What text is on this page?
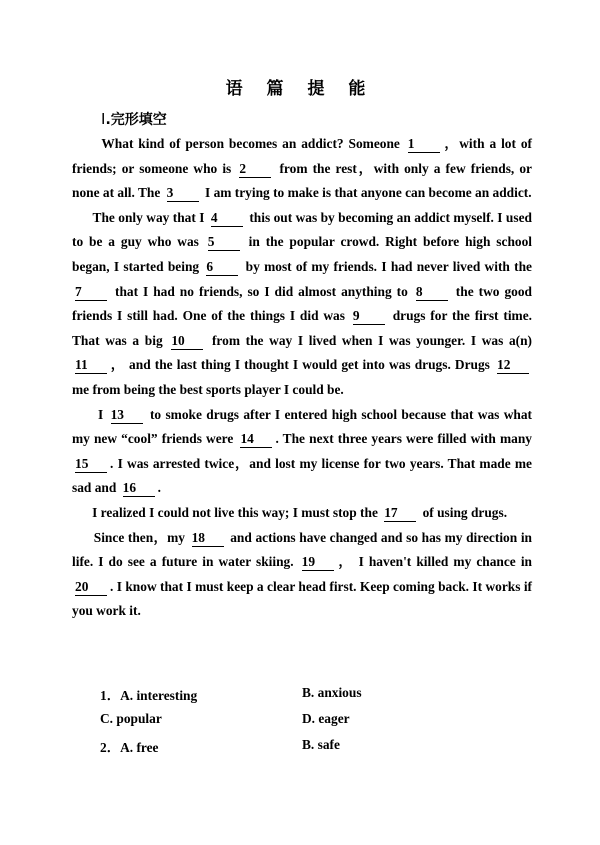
语 篇 提 能
Ⅰ.完形填空

What kind of person becomes an addict? Someone 1 ，with a lot of friends; or someone who is 2 from the rest，with only a few friends, or none at all. The 3 I am trying to make is that anyone can become an addict.

The only way that I 4 this out was by becoming an addict myself. I used to be a guy who was 5 in the popular crowd. Right before high school began, I started being 6 by most of my friends. I had never lived with the 7 that I had no friends, so I did almost anything to 8 the two good friends I still had. One of the things I did was 9 drugs for the first time. That was a big 10 from the way I lived when I was younger. I was a(n) 11 ， and the last thing I thought I would get into was drugs. Drugs 12 me from being the best sports player I could be.

I 13 to smoke drugs after I entered high school because that was what my new “cool” friends were 14 . The next three years were filled with many 15 . I was arrested twice，and lost my license for two years. That made me sad and 16 .

I realized I could not live this way; I must stop the 17 of using drugs.

Since then，my 18 and actions have changed and so has my direction in life. I do see a future in water skiing. 19 ， I haven't killed my chance in 20 . I know that I must keep a clear head first. Keep coming back. It works if you work it.

1．A. interesting	B. anxious
C. popular	D. eager
2．A. free	B. safe
